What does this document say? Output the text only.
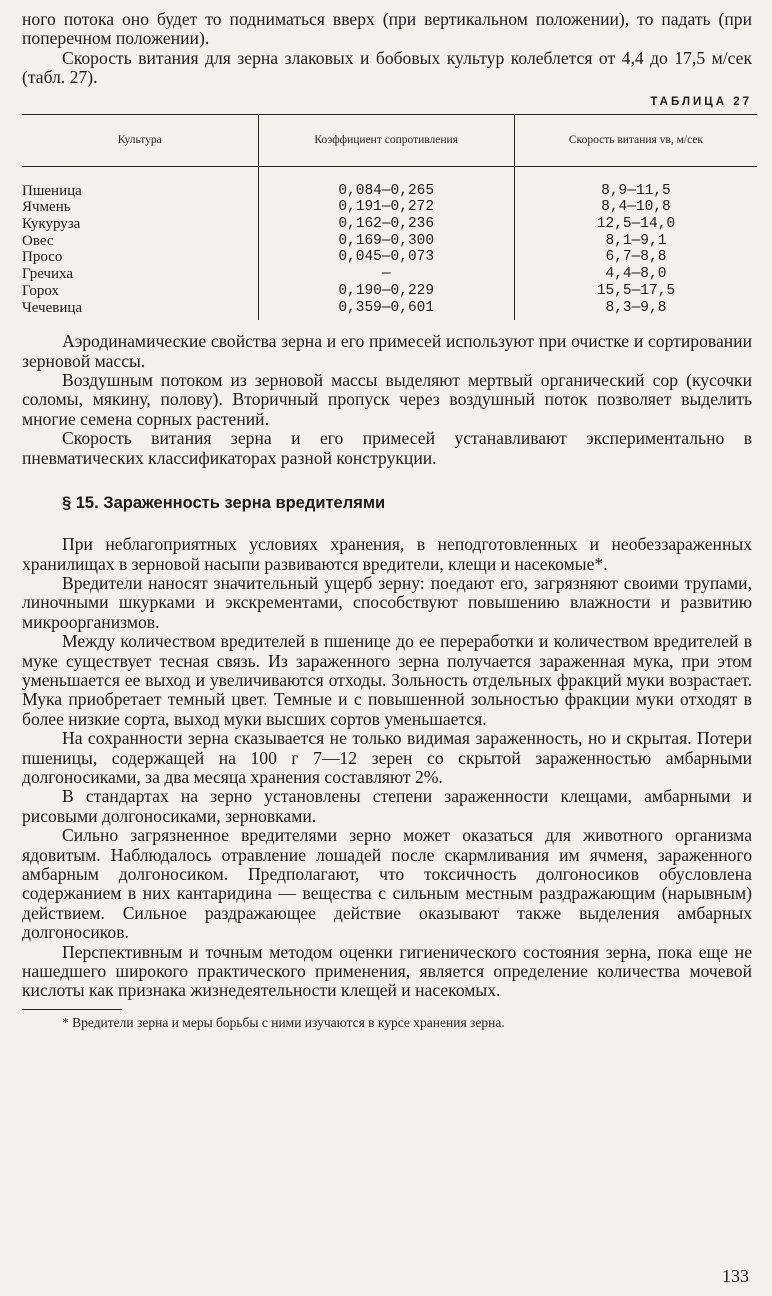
ного потока оно будет то подниматься вверх (при вертикальном положении), то падать (при поперечном положении).

Скорость витания для зерна злаковых и бобовых культур колеблется от 4,4 до 17,5 м/сек (табл. 27).

ТАБЛИЦА 27
Культура	Коэффициент сопротивления	Скорость витания vв, м/сек
Пшеница	0,084—0,265	8,9—11,5
Ячмень	0,191—0,272	8,4—10,8
Кукуруза	0,162—0,236	12,5—14,0
Овес	0,169—0,300	8,1—9,1
Просо	0,045—0,073	6,7—8,8
Гречиха	—	4,4—8,0
Горох	0,190—0,229	15,5—17,5
Чечевица	0,359—0,601	8,3—9,8

Аэродинамические свойства зерна и его примесей используют при очистке и сортировании зерновой массы.

Воздушным потоком из зерновой массы выделяют мертвый органический сор (кусочки соломы, мякину, полову). Вторичный пропуск через воздушный поток позволяет выделить многие семена сорных растений.

Скорость витания зерна и его примесей устанавливают экспериментально в пневматических классификаторах разной конструкции.

§ 15. Зараженность зерна вредителями

При неблагоприятных условиях хранения, в неподготовленных и необеззараженных хранилищах в зерновой насыпи развиваются вредители, клещи и насекомые*.

Вредители наносят значительный ущерб зерну: поедают его, загрязняют своими трупами, линочными шкурками и экскрементами, способствуют повышению влажности и развитию микроорганизмов.

Между количеством вредителей в пшенице до ее переработки и количеством вредителей в муке существует тесная связь. Из зараженного зерна получается зараженная мука, при этом уменьшается ее выход и увеличиваются отходы. Зольность отдельных фракций муки возрастает. Мука приобретает темный цвет. Темные и с повышенной зольностью фракции муки отходят в более низкие сорта, выход муки высших сортов уменьшается.

На сохранности зерна сказывается не только видимая зараженность, но и скрытая. Потери пшеницы, содержащей на 100 г 7—12 зерен со скрытой зараженностью амбарными долгоносиками, за два месяца хранения составляют 2%.

В стандартах на зерно установлены степени зараженности клещами, амбарными и рисовыми долгоносиками, зерновками.

Сильно загрязненное вредителями зерно может оказаться для животного организма ядовитым. Наблюдалось отравление лошадей после скармливания им ячменя, зараженного амбарным долгоносиком. Предполагают, что токсичность долгоносиков обусловлена содержанием в них кантаридина — вещества с сильным местным раздражающим (нарывным) действием. Сильное раздражающее действие оказывают также выделения амбарных долгоносиков.

Перспективным и точным методом оценки гигиенического состояния зерна, пока еще не нашедшего широкого практического применения, является определение количества мочевой кислоты как признака жизнедеятельности клещей и насекомых.

* Вредители зерна и меры борьбы с ними изучаются в курсе хранения зерна.

133
